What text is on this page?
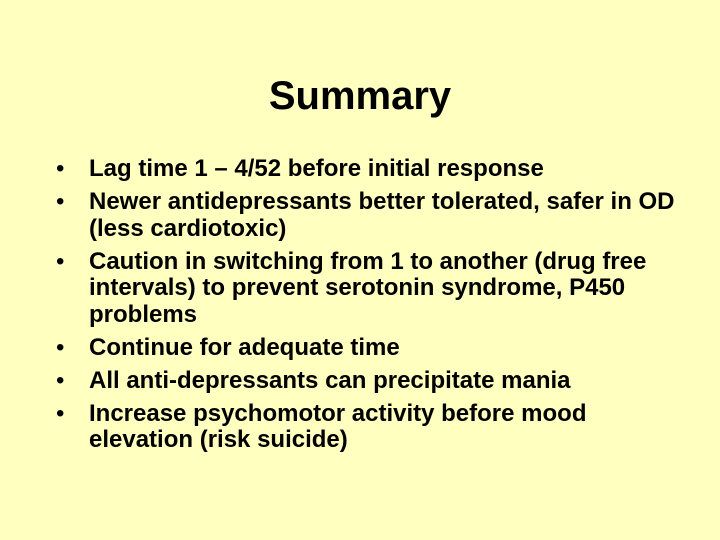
Summary
•	Lag time 1 – 4/52 before initial response
•	Newer antidepressants better tolerated, safer in OD (less cardiotoxic)
•	Caution in switching from 1 to another (drug free intervals) to prevent serotonin syndrome, P450 problems
•	Continue for adequate time
•	All anti-depressants can precipitate mania
•	Increase psychomotor activity before mood elevation (risk suicide)
